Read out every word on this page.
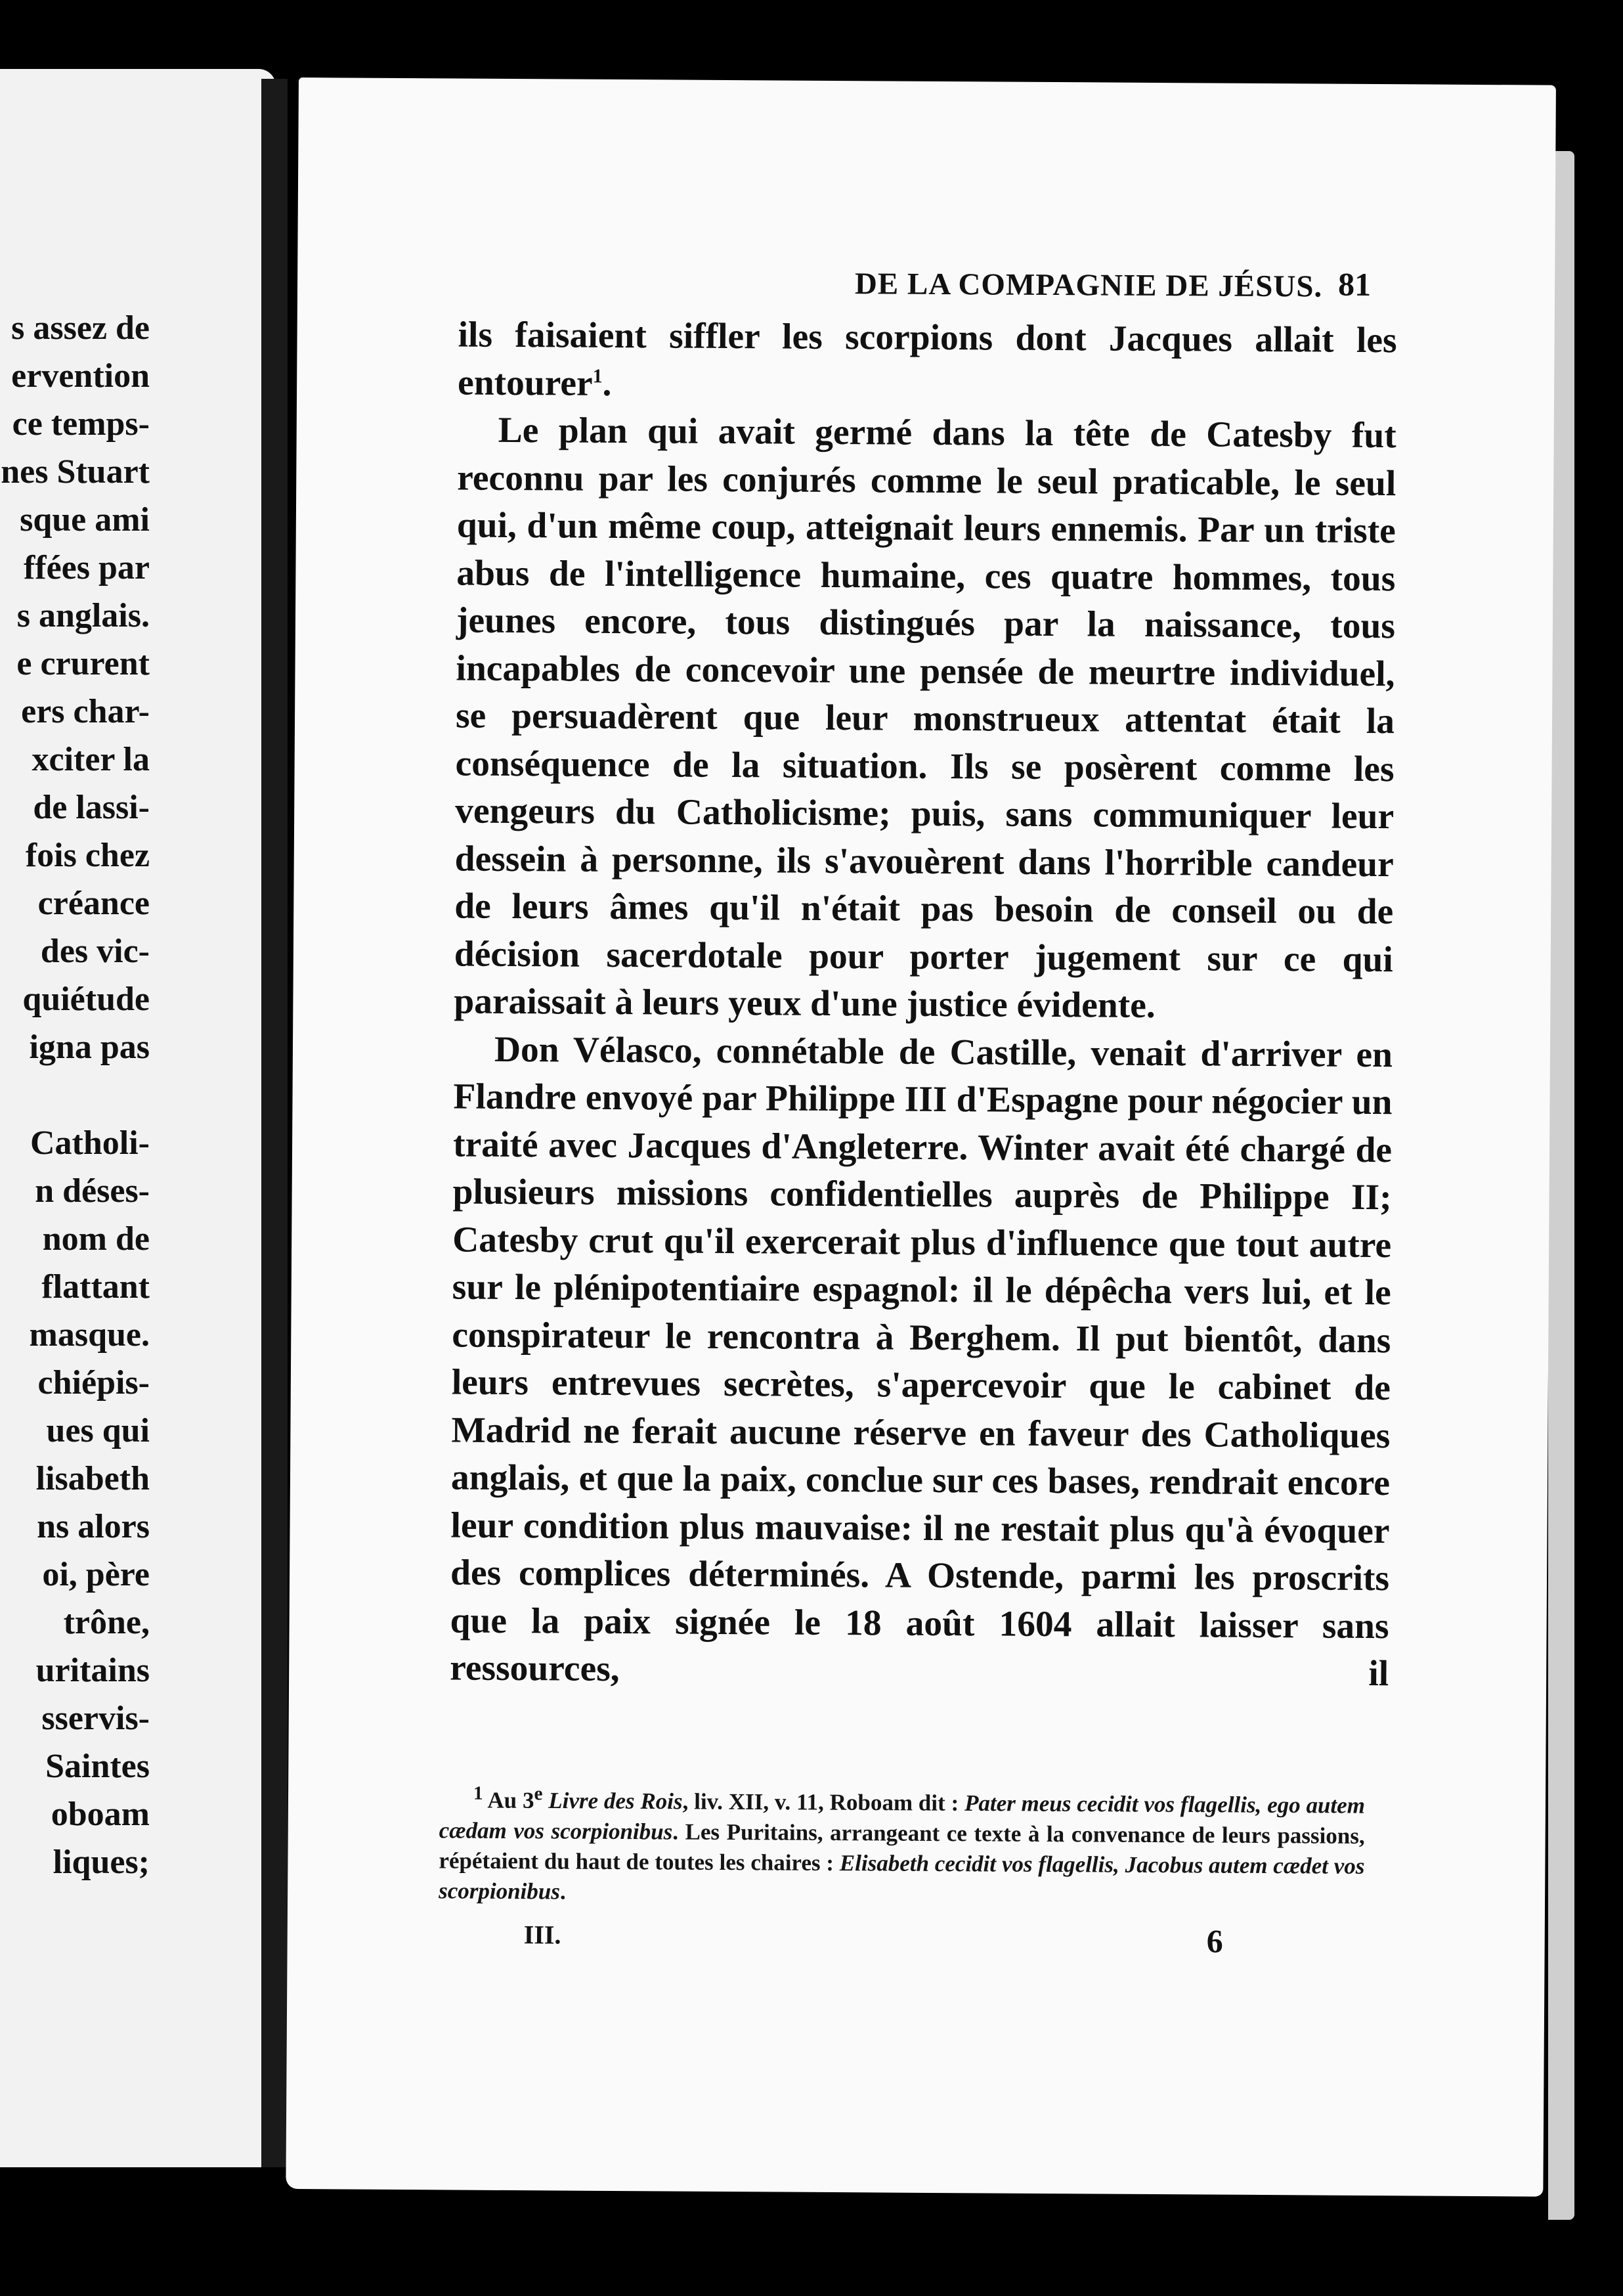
s assez de
ervention
ce temps-
nes Stuart
sque ami
ffées par
s anglais.
e crurent
ers char-
xciter la
de lassi-
fois chez
créance
des vic-
quiétude
igna pas
Catholi-
n déses-
nom de
flattant
masque.
chiépis-
ues qui
lisabeth
ns alors
oi, père
trône,
uritains
sservis-
Saintes
oboam
liques;
DE LA COMPAGNIE DE JÉSUS. 81

ils faisaient siffler les scorpions dont Jacques allait les entourer$^1$.

Le plan qui avait germé dans la tête de Catesby fut reconnu par les conjurés comme le seul praticable, le seul qui, d'un même coup, atteignait leurs ennemis. Par un triste abus de l'intelligence humaine, ces quatre hommes, tous jeunes encore, tous distingués par la naissance, tous incapables de concevoir une pensée de meurtre individuel, se persuadèrent que leur monstrueux attentat était la conséquence de la situation. Ils se posèrent comme les vengeurs du Catholicisme; puis, sans communiquer leur dessein à personne, ils s'avouèrent dans l'horrible candeur de leurs âmes qu'il n'était pas besoin de conseil ou de décision sacerdotale pour porter jugement sur ce qui paraissait à leurs yeux d'une justice évidente.

Don Vélasco, connétable de Castille, venait d'arriver en Flandre envoyé par Philippe III d'Espagne pour négocier un traité avec Jacques d'Angleterre. Winter avait été chargé de plusieurs missions confidentielles auprès de Philippe II; Catesby crut qu'il exercerait plus d'influence que tout autre sur le plénipotentiaire espagnol: il le dépêcha vers lui, et le conspirateur le rencontra à Berghem. Il put bientôt, dans leurs entrevues secrètes, s'apercevoir que le cabinet de Madrid ne ferait aucune réserve en faveur des Catholiques anglais, et que la paix, conclue sur ces bases, rendrait encore leur condition plus mauvaise: il ne restait plus qu'à évoquer des complices déterminés. A Ostende, parmi les proscrits que la paix signée le 18 août 1604 allait laisser sans ressources, il

$^1$ Au 3e Livre des Rois, liv. XII, v. 11, Roboam dit : Pater meus cecidit vos flagellis, ego autem cædam vos scorpionibus. Les Puritains, arrangeant ce texte à la convenance de leurs passions, répétaient du haut de toutes les chaires : Elisabeth cecidit vos flagellis, Jacobus autem cædet vos scorpionibus.

III.	6
